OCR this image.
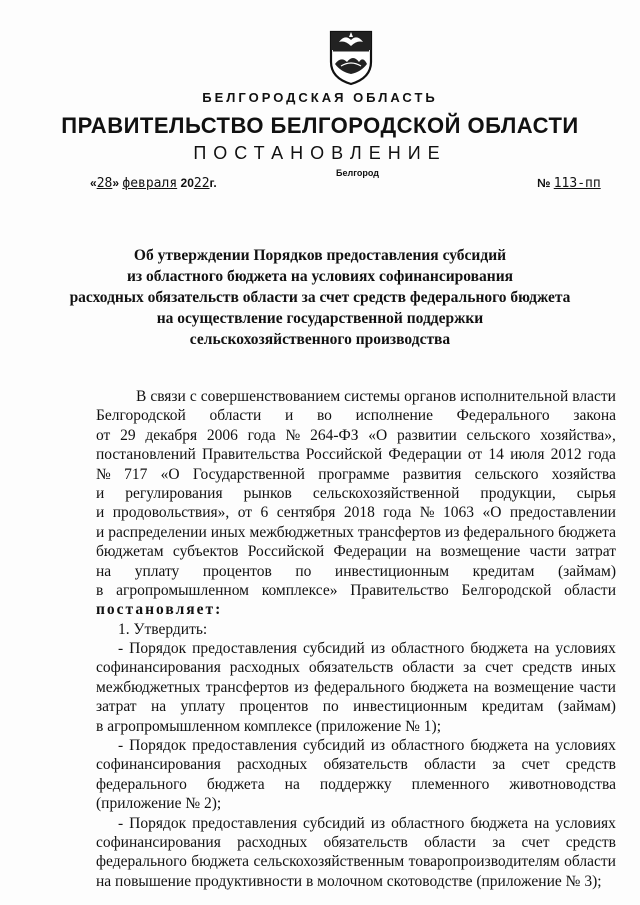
БЕЛГОРОДСКАЯ ОБЛАСТЬ
ПРАВИТЕЛЬСТВО БЕЛГОРОДСКОЙ ОБЛАСТИ
ПОСТАНОВЛЕНИЕ
Белгород
«28» февраля 2022г.	№ 113-пп
Об утверждении Порядков предоставления субсидий
из областного бюджета на условиях софинансирования
расходных обязательств области за счет средств федерального бюджета
на осуществление государственной поддержки
сельскохозяйственного производства
В связи с совершенствованием системы органов исполнительной власти
Белгородской области и во исполнение Федерального закона
от 29 декабря 2006 года № 264-ФЗ «О развитии сельского хозяйства»,
постановлений Правительства Российской Федерации от 14 июля 2012 года
№ 717 «О Государственной программе развития сельского хозяйства
и регулирования рынков сельскохозяйственной продукции, сырья
и продовольствия», от 6 сентября 2018 года № 1063 «О предоставлении
и распределении иных межбюджетных трансфертов из федерального бюджета
бюджетам субъектов Российской Федерации на возмещение части затрат
на уплату процентов по инвестиционным кредитам (займам)
в агропромышленном комплексе» Правительство Белгородской области
постановляет:
1. Утвердить:
- Порядок предоставления субсидий из областного бюджета на условиях
софинансирования расходных обязательств области за счет средств иных
межбюджетных трансфертов из федерального бюджета на возмещение части
затрат на уплату процентов по инвестиционным кредитам (займам)
в агропромышленном комплексе (приложение № 1);
- Порядок предоставления субсидий из областного бюджета на условиях
софинансирования расходных обязательств области за счет средств
федерального бюджета на поддержку племенного животноводства
(приложение № 2);
- Порядок предоставления субсидий из областного бюджета на условиях
софинансирования расходных обязательств области за счет средств
федерального бюджета сельскохозяйственным товаропроизводителям области
на повышение продуктивности в молочном скотоводстве (приложение № 3);
